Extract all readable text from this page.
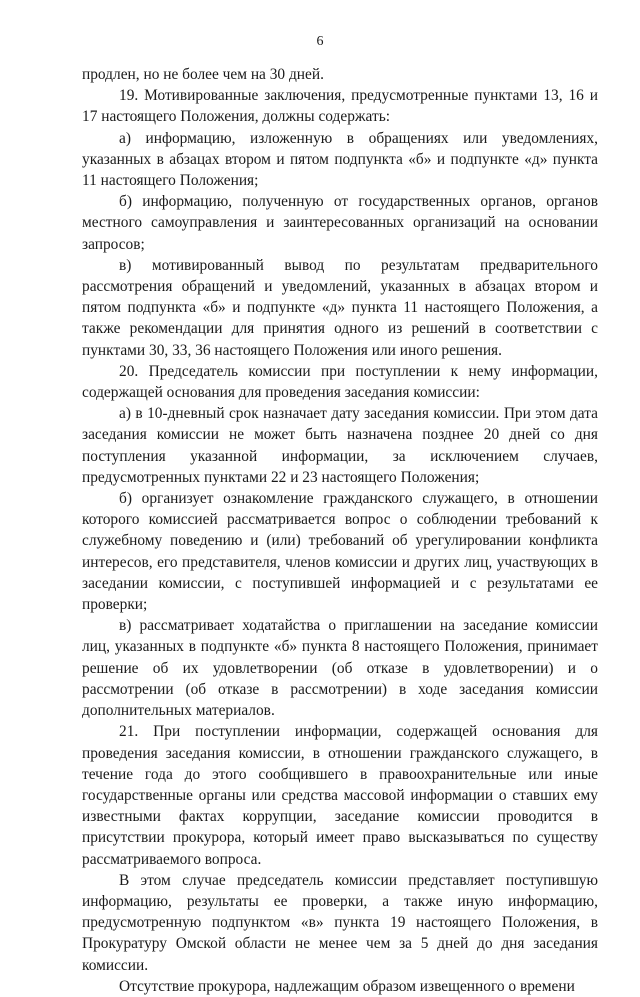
6

продлен, но не более чем на 30 дней.

19. Мотивированные заключения, предусмотренные пунктами 13, 16 и 17 настоящего Положения, должны содержать:

а) информацию, изложенную в обращениях или уведомлениях, указанных в абзацах втором и пятом подпункта «б» и подпункте «д» пункта 11 настоящего Положения;

б) информацию, полученную от государственных органов, органов местного самоуправления и заинтересованных организаций на основании запросов;

в) мотивированный вывод по результатам предварительного рассмотрения обращений и уведомлений, указанных в абзацах втором и пятом подпункта «б» и подпункте «д» пункта 11 настоящего Положения, а также рекомендации для принятия одного из решений в соответствии с пунктами 30, 33, 36 настоящего Положения или иного решения.

20. Председатель комиссии при поступлении к нему информации, содержащей основания для проведения заседания комиссии:

а) в 10-дневный срок назначает дату заседания комиссии. При этом дата заседания комиссии не может быть назначена позднее 20 дней со дня поступления указанной информации, за исключением случаев, предусмотренных пунктами 22 и 23 настоящего Положения;

б) организует ознакомление гражданского служащего, в отношении которого комиссией рассматривается вопрос о соблюдении требований к служебному поведению и (или) требований об урегулировании конфликта интересов, его представителя, членов комиссии и других лиц, участвующих в заседании комиссии, с поступившей информацией и с результатами ее проверки;

в) рассматривает ходатайства о приглашении на заседание комиссии лиц, указанных в подпункте «б» пункта 8 настоящего Положения, принимает решение об их удовлетворении (об отказе в удовлетворении) и о рассмотрении (об отказе в рассмотрении) в ходе заседания комиссии дополнительных материалов.

21. При поступлении информации, содержащей основания для проведения заседания комиссии, в отношении гражданского служащего, в течение года до этого сообщившего в правоохранительные или иные государственные органы или средства массовой информации о ставших ему известными фактах коррупции, заседание комиссии проводится в присутствии прокурора, который имеет право высказываться по существу рассматриваемого вопроса.

В этом случае председатель комиссии представляет поступившую информацию, результаты ее проверки, а также иную информацию, предусмотренную подпунктом «в» пункта 19 настоящего Положения, в Прокуратуру Омской области не менее чем за 5 дней до дня заседания комиссии.

Отсутствие прокурора, надлежащим образом извещенного о времени
